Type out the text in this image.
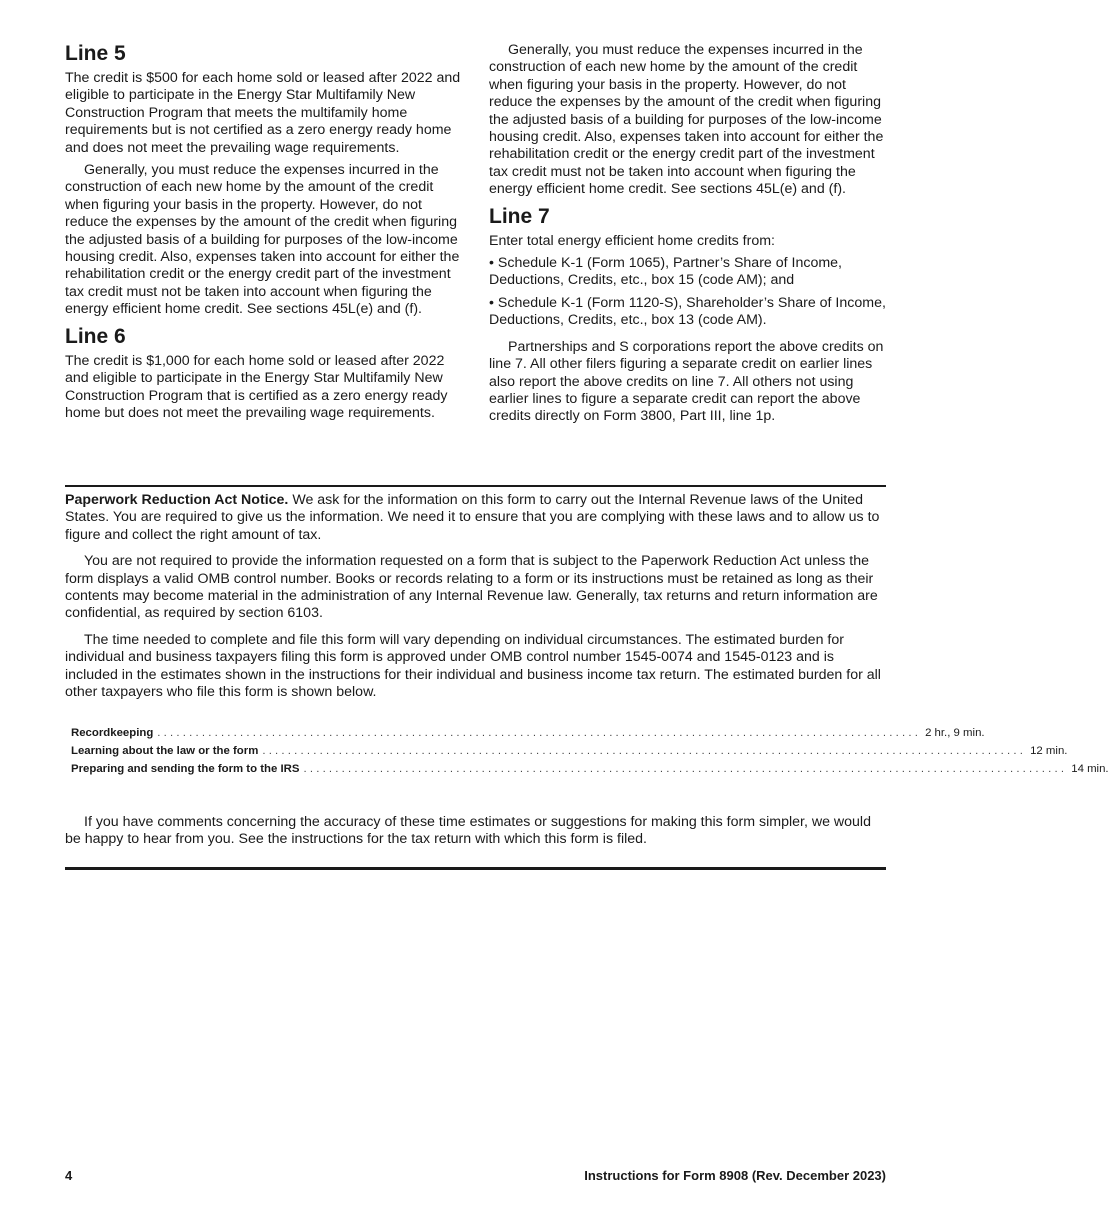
Line 5

The credit is $500 for each home sold or leased after 2022 and eligible to participate in the Energy Star Multifamily New Construction Program that meets the multifamily home requirements but is not certified as a zero energy ready home and does not meet the prevailing wage requirements.

Generally, you must reduce the expenses incurred in the construction of each new home by the amount of the credit when figuring your basis in the property. However, do not reduce the expenses by the amount of the credit when figuring the adjusted basis of a building for purposes of the low-income housing credit. Also, expenses taken into account for either the rehabilitation credit or the energy credit part of the investment tax credit must not be taken into account when figuring the energy efficient home credit. See sections 45L(e) and (f).

Line 6

The credit is $1,000 for each home sold or leased after 2022 and eligible to participate in the Energy Star Multifamily New Construction Program that is certified as a zero energy ready home but does not meet the prevailing wage requirements.

Generally, you must reduce the expenses incurred in the construction of each new home by the amount of the credit when figuring your basis in the property. However, do not reduce the expenses by the amount of the credit when figuring the adjusted basis of a building for purposes of the low-income housing credit. Also, expenses taken into account for either the rehabilitation credit or the energy credit part of the investment tax credit must not be taken into account when figuring the energy efficient home credit. See sections 45L(e) and (f).

Line 7

Enter total energy efficient home credits from:

• Schedule K-1 (Form 1065), Partner’s Share of Income, Deductions, Credits, etc., box 15 (code AM); and

• Schedule K-1 (Form 1120-S), Shareholder’s Share of Income, Deductions, Credits, etc., box 13 (code AM).

Partnerships and S corporations report the above credits on line 7. All other filers figuring a separate credit on earlier lines also report the above credits on line 7. All others not using earlier lines to figure a separate credit can report the above credits directly on Form 3800, Part III, line 1p.

Paperwork Reduction Act Notice. We ask for the information on this form to carry out the Internal Revenue laws of the United States. You are required to give us the information. We need it to ensure that you are complying with these laws and to allow us to figure and collect the right amount of tax.

You are not required to provide the information requested on a form that is subject to the Paperwork Reduction Act unless the form displays a valid OMB control number. Books or records relating to a form or its instructions must be retained as long as their contents may become material in the administration of any Internal Revenue law. Generally, tax returns and return information are confidential, as required by section 6103.

The time needed to complete and file this form will vary depending on individual circumstances. The estimated burden for individual and business taxpayers filing this form is approved under OMB control number 1545-0074 and 1545-0123 and is included in the estimates shown in the instructions for their individual and business income tax return. The estimated burden for all other taxpayers who file this form is shown below.

Recordkeeping ........................................................................................................................ 2 hr., 9 min.
Learning about the law or the form ........................................................................................................................ 12 min.
Preparing and sending the form to the IRS ........................................................................................................................ 14 min.

If you have comments concerning the accuracy of these time estimates or suggestions for making this form simpler, we would be happy to hear from you. See the instructions for the tax return with which this form is filed.

4	Instructions for Form 8908 (Rev. December 2023)
